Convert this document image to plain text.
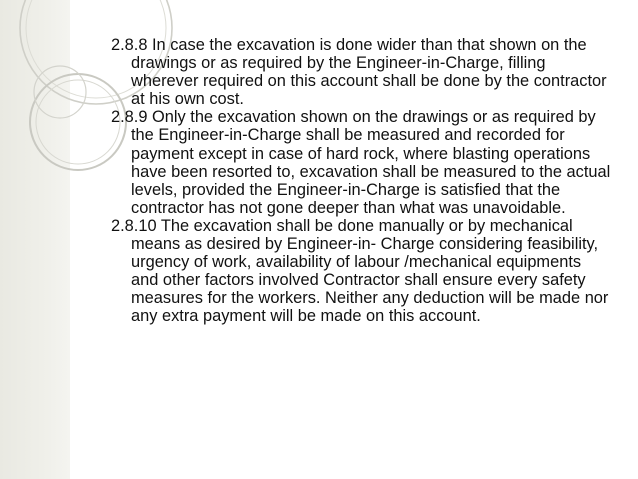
2.8.8 In case the excavation is done wider than that shown on the drawings or as required by the Engineer-in-Charge, filling wherever required on this account shall be done by the contractor at his own cost.

2.8.9 Only the excavation shown on the drawings or as required by the Engineer-in-Charge shall be measured and recorded for payment except in case of hard rock, where blasting operations have been resorted to, excavation shall be measured to the actual levels, provided the Engineer-in-Charge is satisfied that the contractor has not gone deeper than what was unavoidable.

2.8.10 The excavation shall be done manually or by mechanical means as desired by Engineer-in- Charge considering feasibility, urgency of work, availability of labour /mechanical equipments and other factors involved Contractor shall ensure every safety measures for the workers. Neither any deduction will be made nor any extra payment will be made on this account.
